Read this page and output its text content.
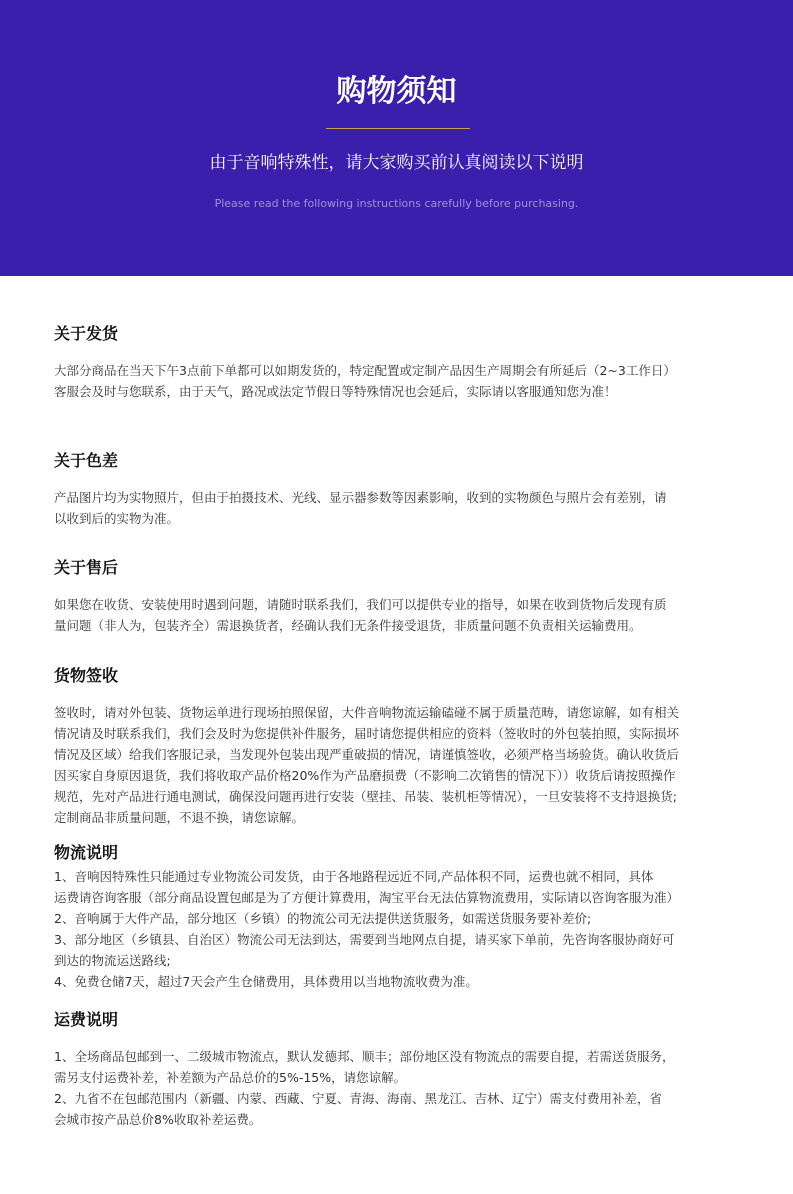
购物须知
由于音响特殊性，请大家购买前认真阅读以下说明
Please read the following instructions carefully before purchasing.
关于发货

大部分商品在当天下午3点前下单都可以如期发货的，特定配置或定制产品因生产周期会有所延后（2~3工作日）

客服会及时与您联系，由于天气，路况或法定节假日等特殊情况也会延后，实际请以客服通知您为准！

关于色差

产品图片均为实物照片，但由于拍摄技术、光线、显示器参数等因素影响，收到的实物颜色与照片会有差别，请

以收到后的实物为准。

关于售后

如果您在收货、安装使用时遇到问题，请随时联系我们，我们可以提供专业的指导，如果在收到货物后发现有质

量问题（非人为，包装齐全）需退换货者，经确认我们无条件接受退货，非质量问题不负责相关运输费用。

货物签收

签收时，请对外包装、货物运单进行现场拍照保留，大件音响物流运输磕碰不属于质量范畴，请您谅解，如有相关

情况请及时联系我们，我们会及时为您提供补件服务，届时请您提供相应的资料（签收时的外包装拍照，实际损坏

情况及区域）给我们客服记录，当发现外包装出现严重破损的情况，请谨慎签收，必须严格当场验货。确认收货后

因买家自身原因退货，我们将收取产品价格20%作为产品磨损费（不影响二次销售的情况下））收货后请按照操作

规范，先对产品进行通电测试，确保没问题再进行安装（壁挂、吊装、装机柜等情况），一旦安装将不支持退换货;

定制商品非质量问题，不退不换，请您谅解。

物流说明

1、音响因特殊性只能通过专业物流公司发货，由于各地路程远近不同,产品体积不同，运费也就不相同，具体

运费请咨询客服（部分商品设置包邮是为了方便计算费用，淘宝平台无法估算物流费用，实际请以咨询客服为准）

2、音响属于大件产品，部分地区（乡镇）的物流公司无法提供送货服务，如需送货服务要补差价;

3、部分地区（乡镇县、自治区）物流公司无法到达，需要到当地网点自提，请买家下单前，先咨询客服协商好可

到达的物流运送路线;

4、免费仓储7天，超过7天会产生仓储费用，具体费用以当地物流收费为准。

运费说明

1、全场商品包邮到一、二级城市物流点，默认发德邦、顺丰；部份地区没有物流点的需要自提，若需送货服务，

需另支付运费补差，补差额为产品总价的5%-15%，请您谅解。

2、九省不在包邮范围内（新疆、内蒙、西藏、宁夏、青海、海南、黑龙江、吉林、辽宁）需支付费用补差，省

会城市按产品总价8%收取补差运费。
